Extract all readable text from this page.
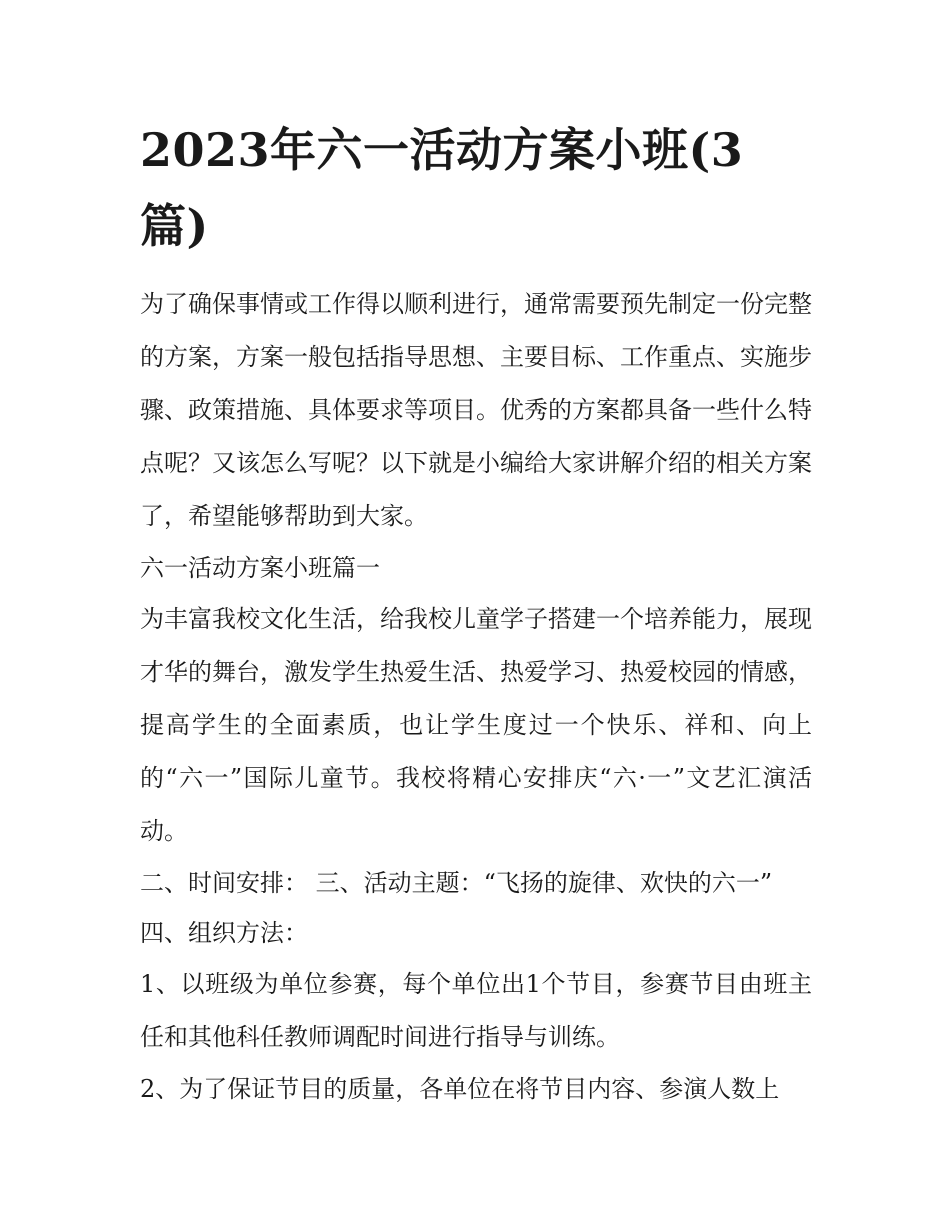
2023年六一活动方案小班(3篇)

为了确保事情或工作得以顺利进行，通常需要预先制定一份完整的方案，方案一般包括指导思想、主要目标、工作重点、实施步骤、政策措施、具体要求等项目。优秀的方案都具备一些什么特点呢？又该怎么写呢？以下就是小编给大家讲解介绍的相关方案了，希望能够帮助到大家。

六一活动方案小班篇一

为丰富我校文化生活，给我校儿童学子搭建一个培养能力，展现才华的舞台，激发学生热爱生活、热爱学习、热爱校园的情感，提高学生的全面素质，也让学生度过一个快乐、祥和、向上的“六一”国际儿童节。我校将精心安排庆“六·一”文艺汇演活动。

二、时间安排： 三、活动主题：“飞扬的旋律、欢快的六一”

四、组织方法：

1、以班级为单位参赛，每个单位出1个节目，参赛节目由班主任和其他科任教师调配时间进行指导与训练。

2、为了保证节目的质量，各单位在将节目内容、参演人数上
